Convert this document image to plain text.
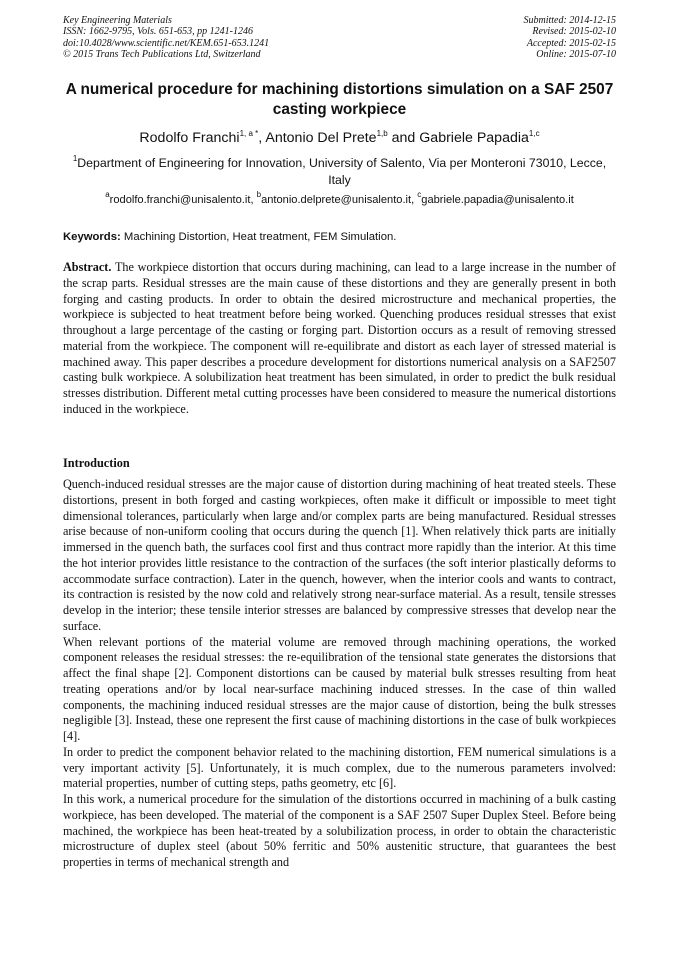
Key Engineering Materials
ISSN: 1662-9795, Vols. 651-653, pp 1241-1246
doi:10.4028/www.scientific.net/KEM.651-653.1241
© 2015 Trans Tech Publications Ltd, Switzerland
Submitted: 2014-12-15
Revised: 2015-02-10
Accepted: 2015-02-15
Online: 2015-07-10
A numerical procedure for machining distortions simulation on a SAF 2507 casting workpiece
Rodolfo Franchi$^{1, a *}$, Antonio Del Prete$^{1,b}$ and Gabriele Papadia$^{1,c}$
$^1$Department of Engineering for Innovation, University of Salento, Via per Monteroni 73010, Lecce, Italy
$^a$rodolfo.franchi@unisalento.it, $^b$antonio.delprete@unisalento.it, $^c$gabriele.papadia@unisalento.it
Keywords: Machining Distortion, Heat treatment, FEM Simulation.
Abstract. The workpiece distortion that occurs during machining, can lead to a large increase in the number of the scrap parts. Residual stresses are the main cause of these distortions and they are generally present in both forging and casting products. In order to obtain the desired microstructure and mechanical properties, the workpiece is subjected to heat treatment before being worked. Quenching produces residual stresses that exist throughout a large percentage of the casting or forging part. Distortion occurs as a result of removing stressed material from the workpiece. The component will re-equilibrate and distort as each layer of stressed material is machined away. This paper describes a procedure development for distortions numerical analysis on a SAF2507 casting bulk workpiece. A solubilization heat treatment has been simulated, in order to predict the bulk residual stresses distribution. Different metal cutting processes have been considered to measure the numerical distortions induced in the workpiece.
Introduction

Quench-induced residual stresses are the major cause of distortion during machining of heat treated steels. These distortions, present in both forged and casting workpieces, often make it difficult or impossible to meet tight dimensional tolerances, particularly when large and/or complex parts are being manufactured. Residual stresses arise because of non-uniform cooling that occurs during the quench [1]. When relatively thick parts are initially immersed in the quench bath, the surfaces cool first and thus contract more rapidly than the interior. At this time the hot interior provides little resistance to the contraction of the surfaces (the soft interior plastically deforms to accommodate surface contraction). Later in the quench, however, when the interior cools and wants to contract, its contraction is resisted by the now cold and relatively strong near-surface material. As a result, tensile stresses develop in the interior; these tensile interior stresses are balanced by compressive stresses that develop near the surface.

When relevant portions of the material volume are removed through machining operations, the worked component releases the residual stresses: the re-equilibration of the tensional state generates the distorsions that affect the final shape [2]. Component distortions can be caused by material bulk stresses resulting from heat treating operations and/or by local near-surface machining induced stresses. In the case of thin walled components, the machining induced residual stresses are the major cause of distortion, being the bulk stresses negligible [3]. Instead, these one represent the first cause of machining distortions in the case of bulk workpieces [4].

In order to predict the component behavior related to the machining distortion, FEM numerical simulations is a very important activity [5]. Unfortunately, it is much complex, due to the numerous parameters involved: material properties, number of cutting steps, paths geometry, etc [6].

In this work, a numerical procedure for the simulation of the distortions occurred in machining of a bulk casting workpiece, has been developed. The material of the component is a SAF 2507 Super Duplex Steel. Before being machined, the workpiece has been heat-treated by a solubilization process, in order to obtain the characteristic microstructure of duplex steel (about 50% ferritic and 50% austenitic structure, that guarantees the best properties in terms of mechanical strength and
